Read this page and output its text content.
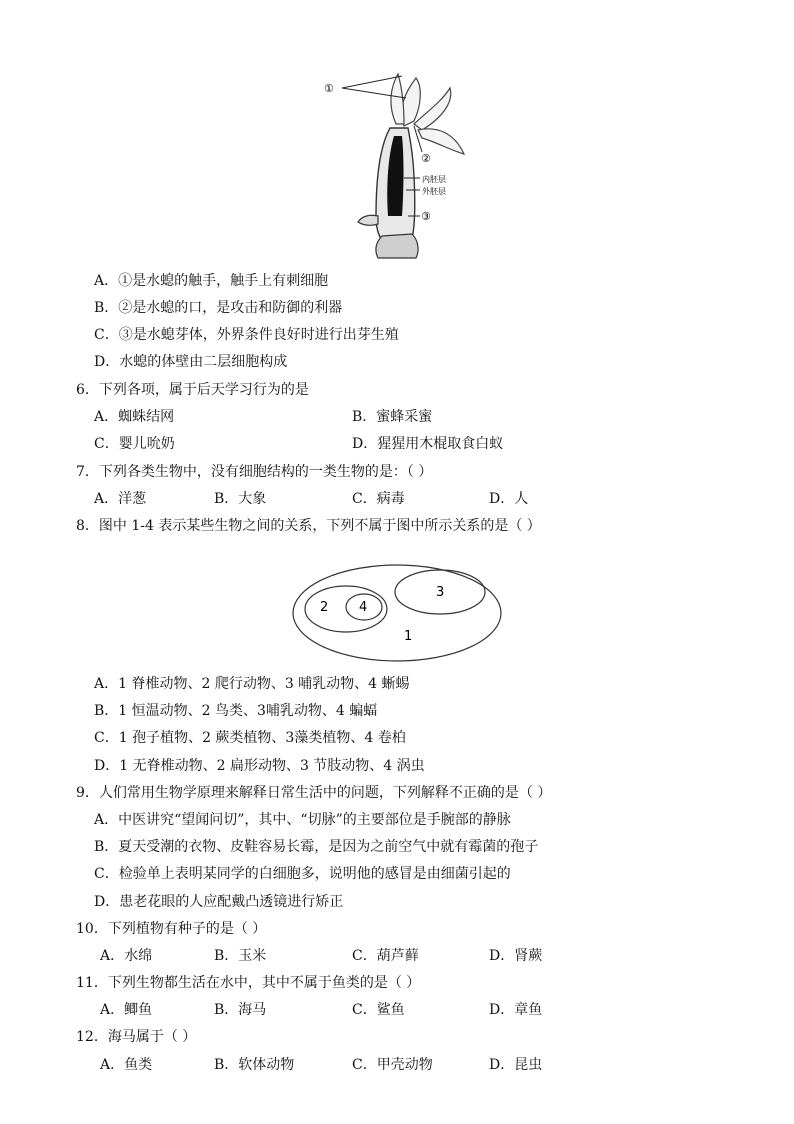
①
②
内胚层
外胚层
③
A．①是水螅的触手，触手上有刺细胞
B．②是水螅的口，是攻击和防御的利器
C．③是水螅芽体，外界条件良好时进行出芽生殖
D．水螅的体壁由二层细胞构成
6．下列各项，属于后天学习行为的是
A．蜘蛛结网	B．蜜蜂采蜜
C．婴儿吮奶	D．猩猩用木棍取食白蚁
7．下列各类生物中，没有细胞结构的一类生物的是：（ ）
A．洋葱	B．大象	C．病毒	D．人
8．图中 1-4 表示某些生物之间的关系，下列不属于图中所示关系的是（ ）
2 4
3
1
A．1 脊椎动物、2 爬行动物、3 哺乳动物、4 蜥蜴
B．1 恒温动物、2 鸟类、3哺乳动物、4 蝙蝠
C．1 孢子植物、2 蕨类植物、3藻类植物、4 卷柏
D．1 无脊椎动物、2 扁形动物、3 节肢动物、4 涡虫
9．人们常用生物学原理来解释日常生活中的问题，下列解释不正确的是（ ）
A．中医讲究“望闻问切”，其中、“切脉”的主要部位是手腕部的静脉
B．夏天受潮的衣物、皮鞋容易长霉，是因为之前空气中就有霉菌的孢子
C．检验单上表明某同学的白细胞多，说明他的感冒是由细菌引起的
D．患老花眼的人应配戴凸透镜进行矫正
10．下列植物有种子的是（ ）
A．水绵	B．玉米	C．葫芦藓	D．肾蕨
11．下列生物都生活在水中，其中不属于鱼类的是（ ）
A．鲫鱼	B．海马	C．鲨鱼	D．章鱼
12．海马属于（ ）
A．鱼类	B．软体动物	C．甲壳动物	D．昆虫
